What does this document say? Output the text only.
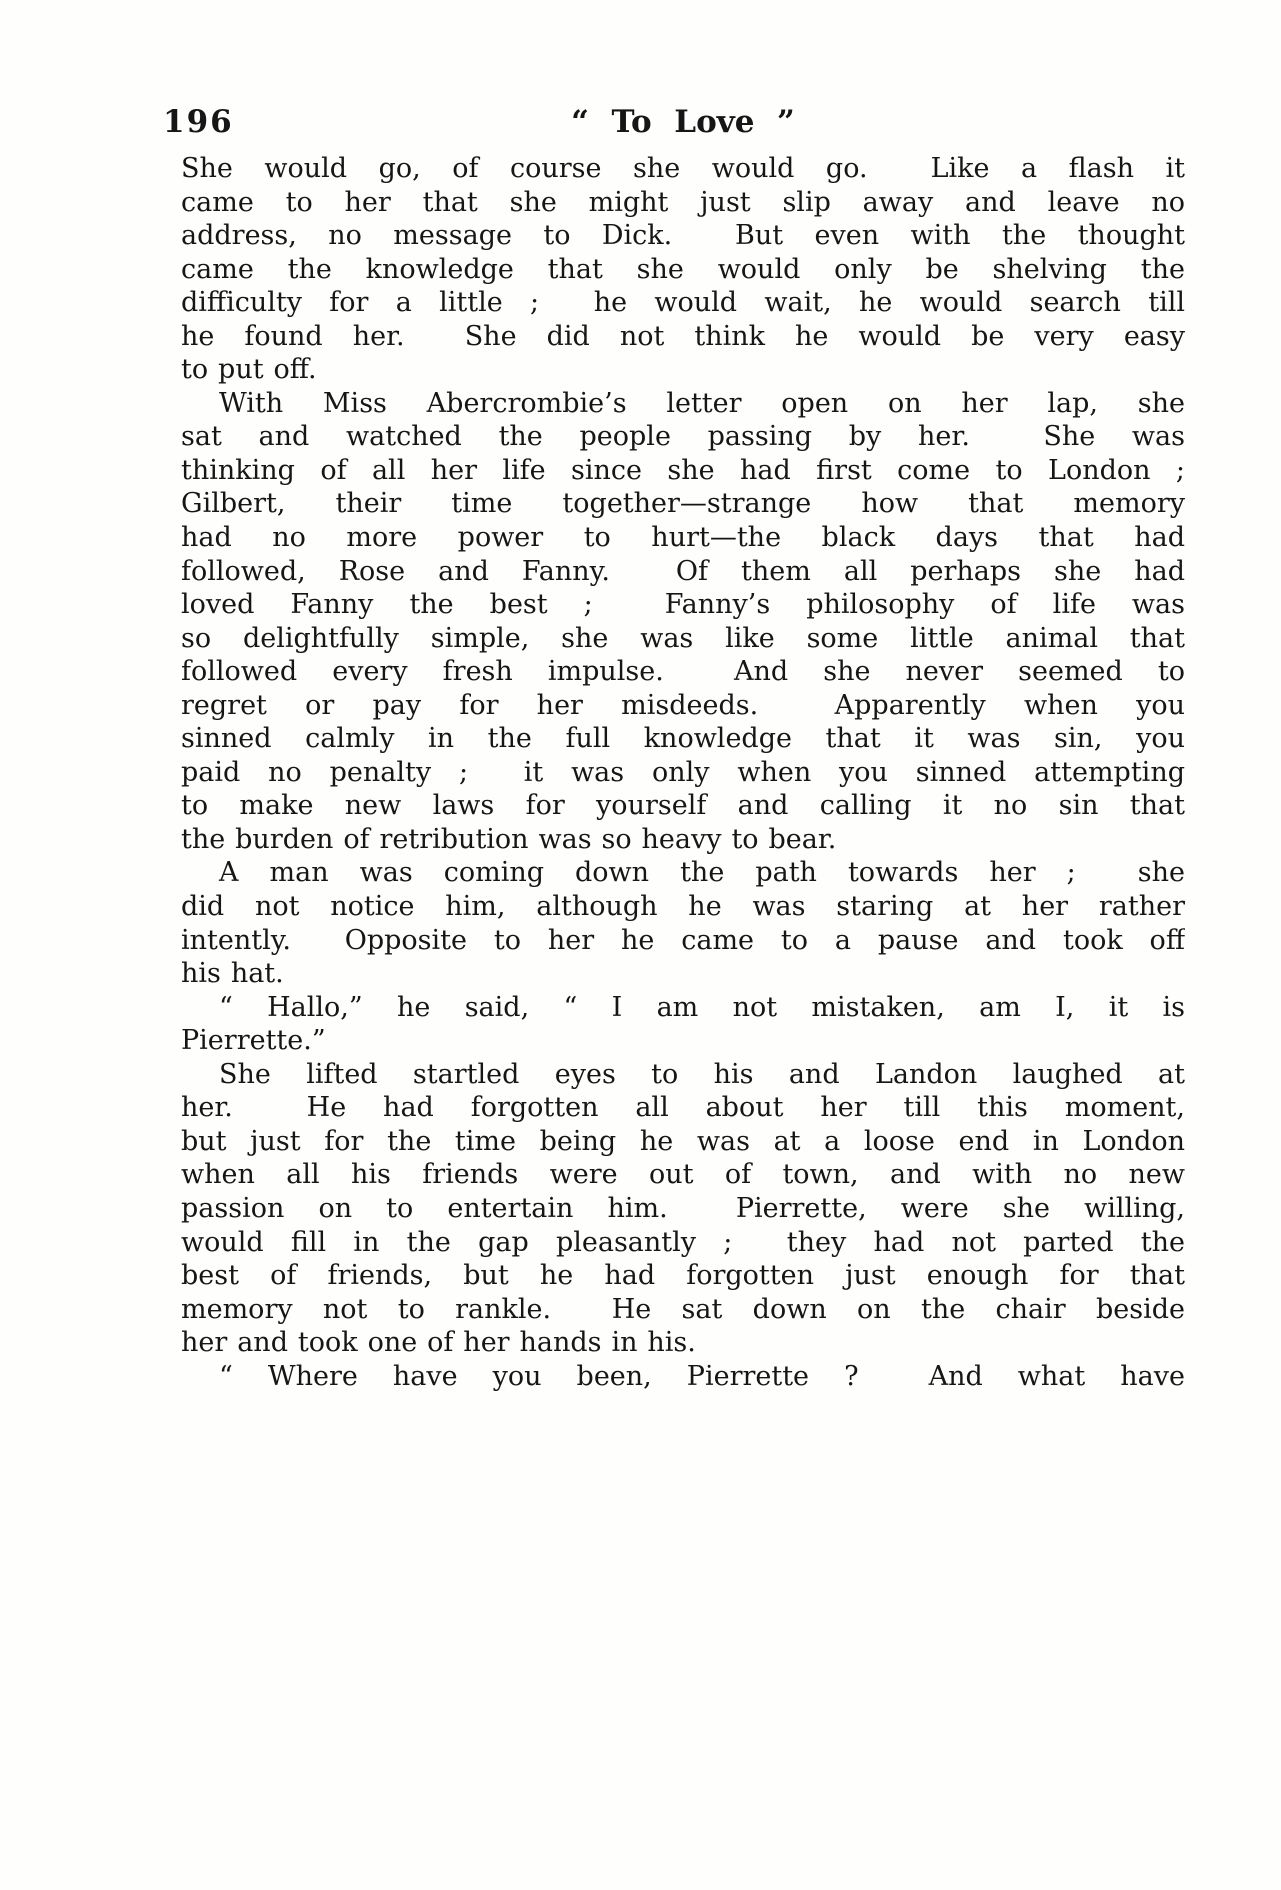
196	“ To Love ”
She would go, of course she would go.  Like a flash it
came to her that she might just slip away and leave no
address, no message to Dick.  But even with the thought
came the knowledge that she would only be shelving the
difficulty for a little ;  he would wait, he would search till
he found her.  She did not think he would be very easy
to put off.
With Miss Abercrombie’s letter open on her lap, she
sat and watched the people passing by her.  She was
thinking of all her life since she had first come to London ;
Gilbert, their time together—strange how that memory
had no more power to hurt—the black days that had
followed, Rose and Fanny.  Of them all perhaps she had
loved Fanny the best ;  Fanny’s philosophy of life was
so delightfully simple, she was like some little animal that
followed every fresh impulse.  And she never seemed to
regret or pay for her misdeeds.  Apparently when you
sinned calmly in the full knowledge that it was sin, you
paid no penalty ;  it was only when you sinned attempting
to make new laws for yourself and calling it no sin that
the burden of retribution was so heavy to bear.
A man was coming down the path towards her ;  she
did not notice him, although he was staring at her rather
intently.  Opposite to her he came to a pause and took off
his hat.
“ Hallo,” he said, “ I am not mistaken, am I, it is
Pierrette.”
She lifted startled eyes to his and Landon laughed at
her.  He had forgotten all about her till this moment,
but just for the time being he was at a loose end in London
when all his friends were out of town, and with no new
passion on to entertain him.  Pierrette, were she willing,
would fill in the gap pleasantly ;  they had not parted the
best of friends, but he had forgotten just enough for that
memory not to rankle.  He sat down on the chair beside
her and took one of her hands in his.
“ Where have you been, Pierrette ?  And what have
